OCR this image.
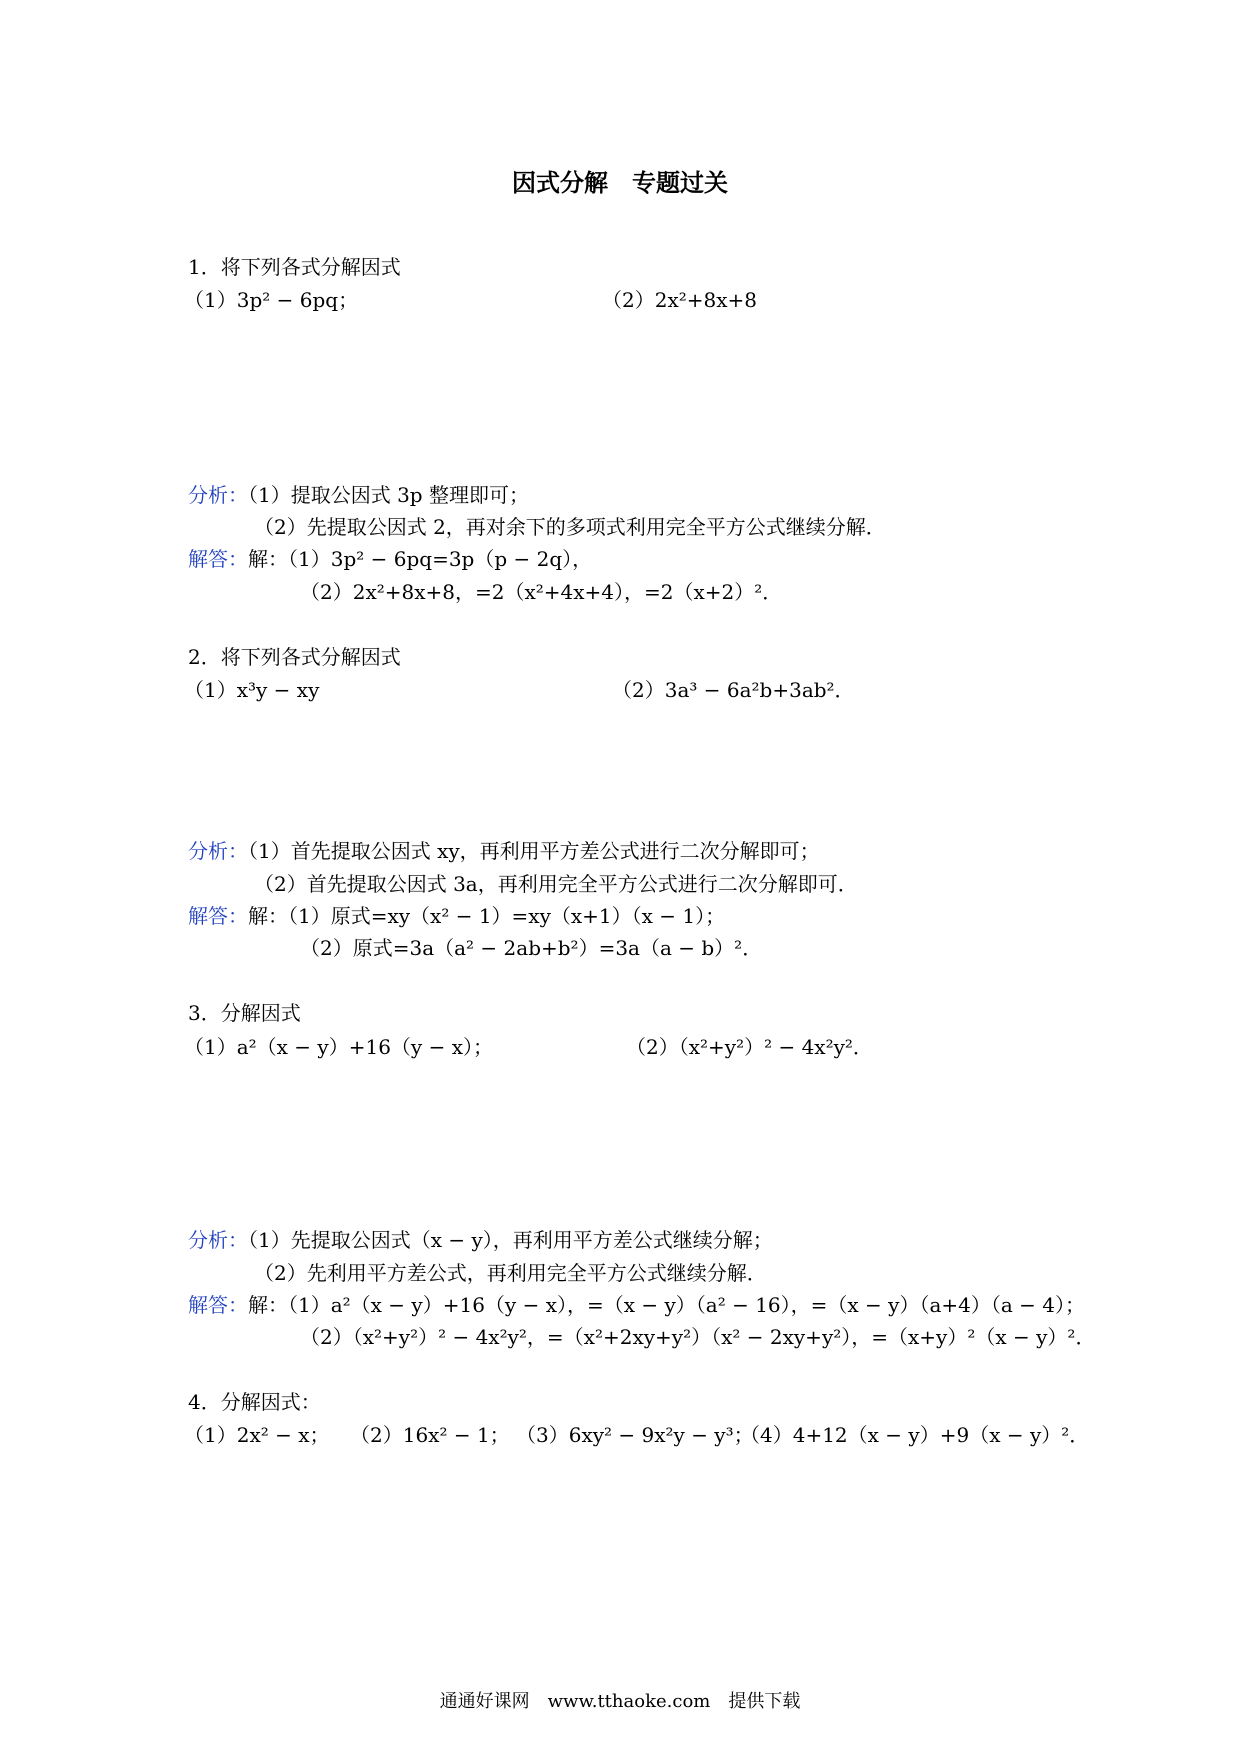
因式分解　专题过关
1．将下列各式分解因式
（1）3p² − 6pq；	（2）2x²+8x+8
分析：（1）提取公因式 3p 整理即可；
（2）先提取公因式 2，再对余下的多项式利用完全平方公式继续分解．
解答：解：（1）3p² − 6pq=3p（p − 2q），
（2）2x²+8x+8，=2（x²+4x+4），=2（x+2）²．
2．将下列各式分解因式
（1）x³y − xy	（2）3a³ − 6a²b+3ab²．
分析：（1）首先提取公因式 xy，再利用平方差公式进行二次分解即可；
（2）首先提取公因式 3a，再利用完全平方公式进行二次分解即可．
解答：解：（1）原式=xy（x² − 1）=xy（x+1）（x − 1）；
（2）原式=3a（a² − 2ab+b²）=3a（a − b）²．
3．分解因式
（1）a²（x − y）+16（y − x）；	（2）（x²+y²）² − 4x²y²．
分析：（1）先提取公因式（x − y），再利用平方差公式继续分解；
（2）先利用平方差公式，再利用完全平方公式继续分解．
解答：解：（1）a²（x − y）+16（y − x），=（x − y）（a² − 16），=（x − y）（a+4）（a − 4）；
（2）（x²+y²）² − 4x²y²，=（x²+2xy+y²）（x² − 2xy+y²），=（x+y）²（x − y）²．
4．分解因式：
（1）2x² − x； （2）16x² − 1； （3）6xy² − 9x²y − y³；
（4）4+12（x − y）+9（x − y）²．
通通好课网　www.tthaoke.com　提供下载
